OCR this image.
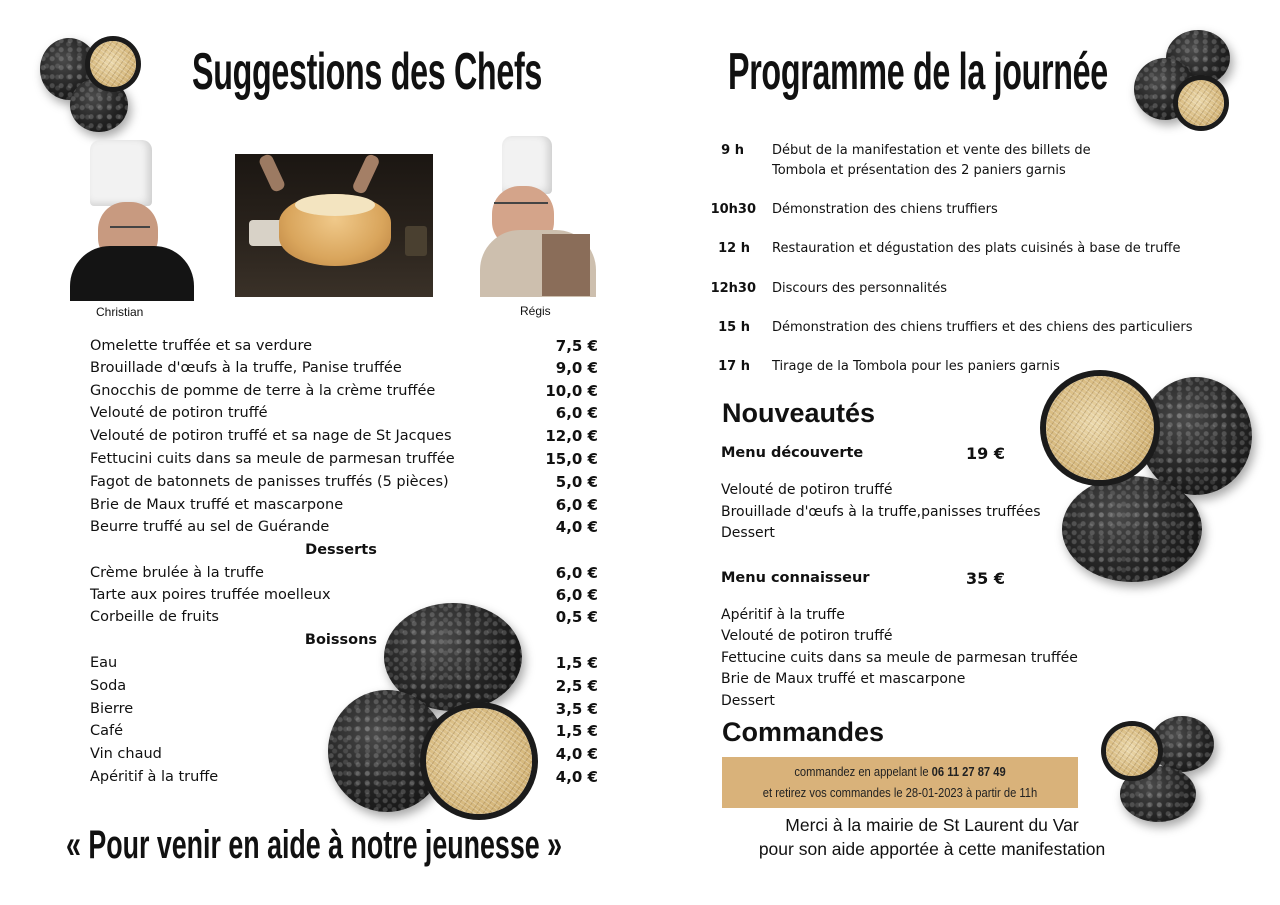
Suggestions des Chefs
Christian	Régis
Omelette truffée et sa verdure	7,5 €
Brouillade d'œufs à la truffe, Panise truffée	9,0 €
Gnocchis de pomme de terre à la crème truffée	10,0 €
Velouté de potiron truffé	6,0 €
Velouté de potiron truffé et sa nage de St Jacques	12,0 €
Fettucini cuits dans sa meule de parmesan truffée	15,0 €
Fagot de batonnets de panisses truffés (5 pièces)	5,0 €
Brie de Maux truffé et mascarpone	6,0 €
Beurre truffé au sel de Guérande	4,0 €
Desserts
Crème brulée à la truffe	6,0 €
Tarte aux poires truffée moelleux	6,0 €
Corbeille de fruits	0,5 €
Boissons
Eau	1,5 €
Soda	2,5 €
Bierre	3,5 €
Café	1,5 €
Vin chaud	4,0 €
Apéritif à la truffe	4,0 €
« Pour venir en aide à notre jeunesse »
Programme de la journée
9 h Début de la manifestation et vente des billets de
Tombola et présentation des 2 paniers garnis
10h30 Démonstration des chiens truffiers
12 h Restauration et dégustation des plats cuisinés à base de truffe
12h30 Discours des personnalités
15 h Démonstration des chiens truffiers et des chiens des particuliers
17 h Tirage de la Tombola pour les paniers garnis
Nouveautés
Menu découverte	19 €
Velouté de potiron truffé
Brouillade d'œufs à la truffe,panisses truffées
Dessert
Menu connaisseur	35 €
Apéritif à la truffe
Velouté de potiron truffé
Fettucine cuits dans sa meule de parmesan truffée
Brie de Maux truffé et mascarpone
Dessert
Commandes
commandez en appelant le 06 11 27 87 49
et retirez vos commandes le 28-01-2023 à partir de 11h
Merci à la mairie de St Laurent du Var
pour son aide apportée à cette manifestation
